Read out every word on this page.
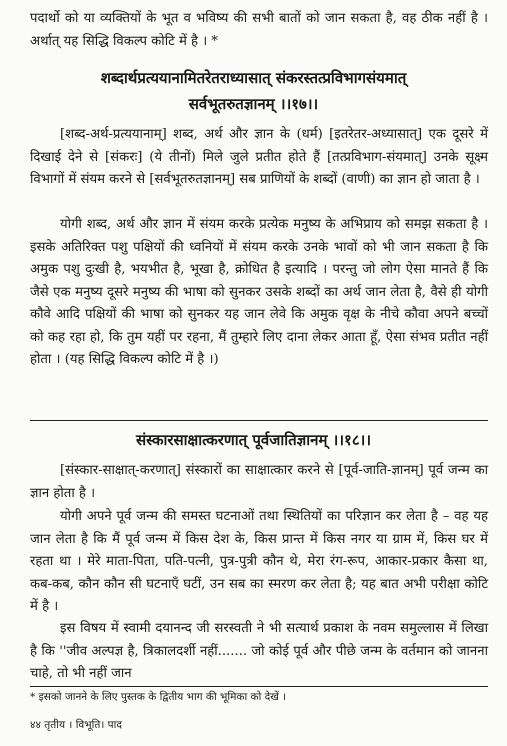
पदार्थो को या व्यक्तियों के भूत व भविष्य की सभी बातों को जान सकता है, वह ठीक नहीं है । अर्थात् यह सिद्धि विकल्प कोटि में है । *
शब्दार्थप्रत्ययानामितरेतराध्यासात् संकरस्तत्प्रविभागसंयमात्
सर्वभूतरुतज्ञानम् ।।१७।।
[शब्द-अर्थ-प्रत्ययानाम्] शब्द, अर्थ और ज्ञान के (धर्म) [इतरेतर-अध्यासात्] एक दूसरे में दिखाई देने से [संकरः] (ये तीनों) मिले जुले प्रतीत होते हैं [तत्प्रविभाग-संयमात्] उनके सूक्ष्म विभागों में संयम करने से [सर्वभूतरुतज्ञानम्] सब प्राणियों के शब्दों (वाणी) का ज्ञान हो जाता है ।
योगी शब्द, अर्थ और ज्ञान में संयम करके प्रत्येक मनुष्य के अभिप्राय को समझ सकता है । इसके अतिरिक्त पशु पक्षियों की ध्वनियों में संयम करके उनके भावों को भी जान सकता है कि अमुक पशु दुःखी है, भयभीत है, भूखा है, क्रोधित है इत्यादि । परन्तु जो लोग ऐसा मानते हैं कि जैसे एक मनुष्य दूसरे मनुष्य की भाषा को सुनकर उसके शब्दों का अर्थ जान लेता है, वैसे ही योगी कौवे आदि पक्षियों की भाषा को सुनकर यह जान लेवे कि अमुक वृक्ष के नीचे कौवा अपने बच्चों को कह रहा हो, कि तुम यहीं पर रहना, मैं तुम्हारे लिए दाना लेकर आता हूँ, ऐसा संभव प्रतीत नहीं होता । (यह सिद्धि विकल्प कोटि में है ।)
संस्कारसाक्षात्करणात् पूर्वजातिज्ञानम् ।।१८।।
[संस्कार-साक्षात्-करणात्] संस्कारों का साक्षात्कार करने से [पूर्व-जाति-ज्ञानम्] पूर्व जन्म का ज्ञान होता है ।
योगी अपने पूर्व जन्म की समस्त घटनाओं तथा स्थितियों का परिज्ञान कर लेता है – वह यह जान लेता है कि मैं पूर्व जन्म में किस देश के, किस प्रान्त में किस नगर या ग्राम में, किस घर में रहता था । मेरे माता-पिता, पति-पत्नी, पुत्र-पुत्री कौन थे, मेरा रंग-रूप, आकार-प्रकार कैसा था, कब-कब, कौन कौन सी घटनाएँ घटीं, उन सब का स्मरण कर लेता है; यह बात अभी परीक्षा कोटि में है ।
इस विषय में स्वामी दयानन्द जी सरस्वती ने भी सत्यार्थ प्रकाश के नवम समुल्लास में लिखा है कि ''जीव अल्पज्ञ है, त्रिकालदर्शी नहीं....... जो कोई पूर्व और पीछे जन्म के वर्तमान को जानना चाहे, तो भी नहीं जान
* इसको जानने के लिए पुस्तक के द्वितीय भाग की भूमिका को देखें ।
४४ तृतीय । विभूति। पाद
